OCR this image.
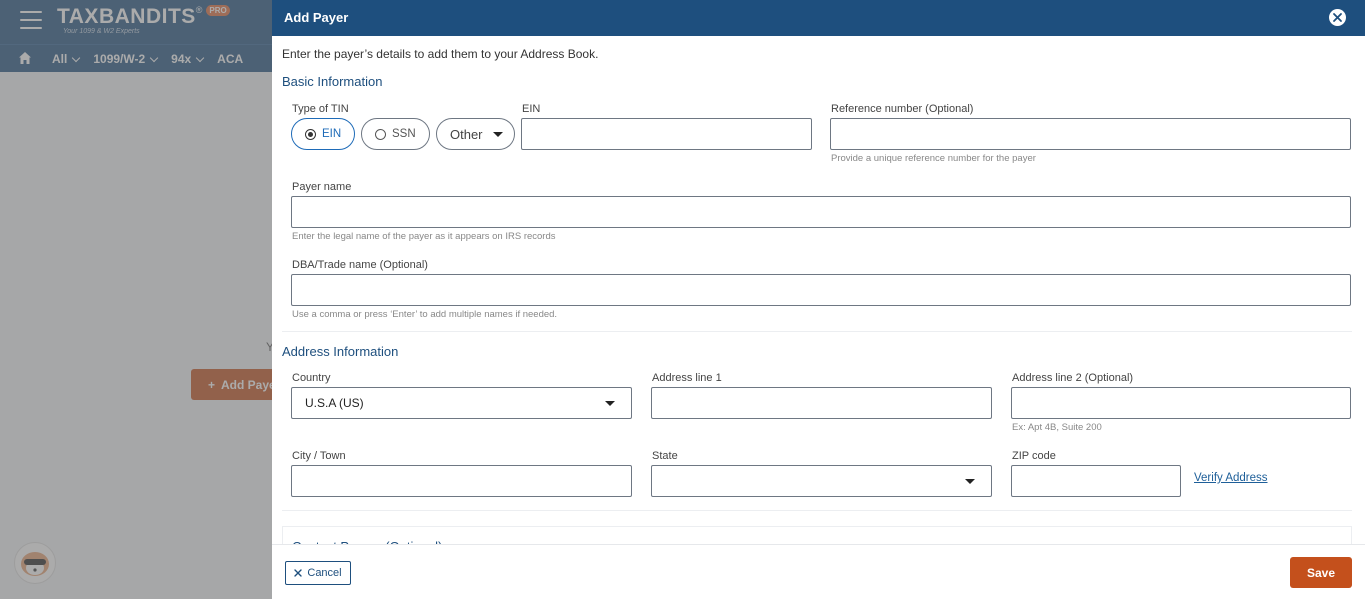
Add Payer
Enter the payer’s details to add them to your Address Book.
Basic Information
Type of TIN
EIN	SSN	Other
EIN	Reference number (Optional)
Provide a unique reference number for the payer
Payer name
Enter the legal name of the payer as it appears on IRS records
DBA/Trade name (Optional)
Use a comma or press ‘Enter’ to add multiple names if needed.
Address Information
Country
U.S.A (US)
Address line 1	Address line 2 (Optional)
Ex: Apt 4B, Suite 200
City / Town	State	ZIP code
Verify Address
Cancel	Save
